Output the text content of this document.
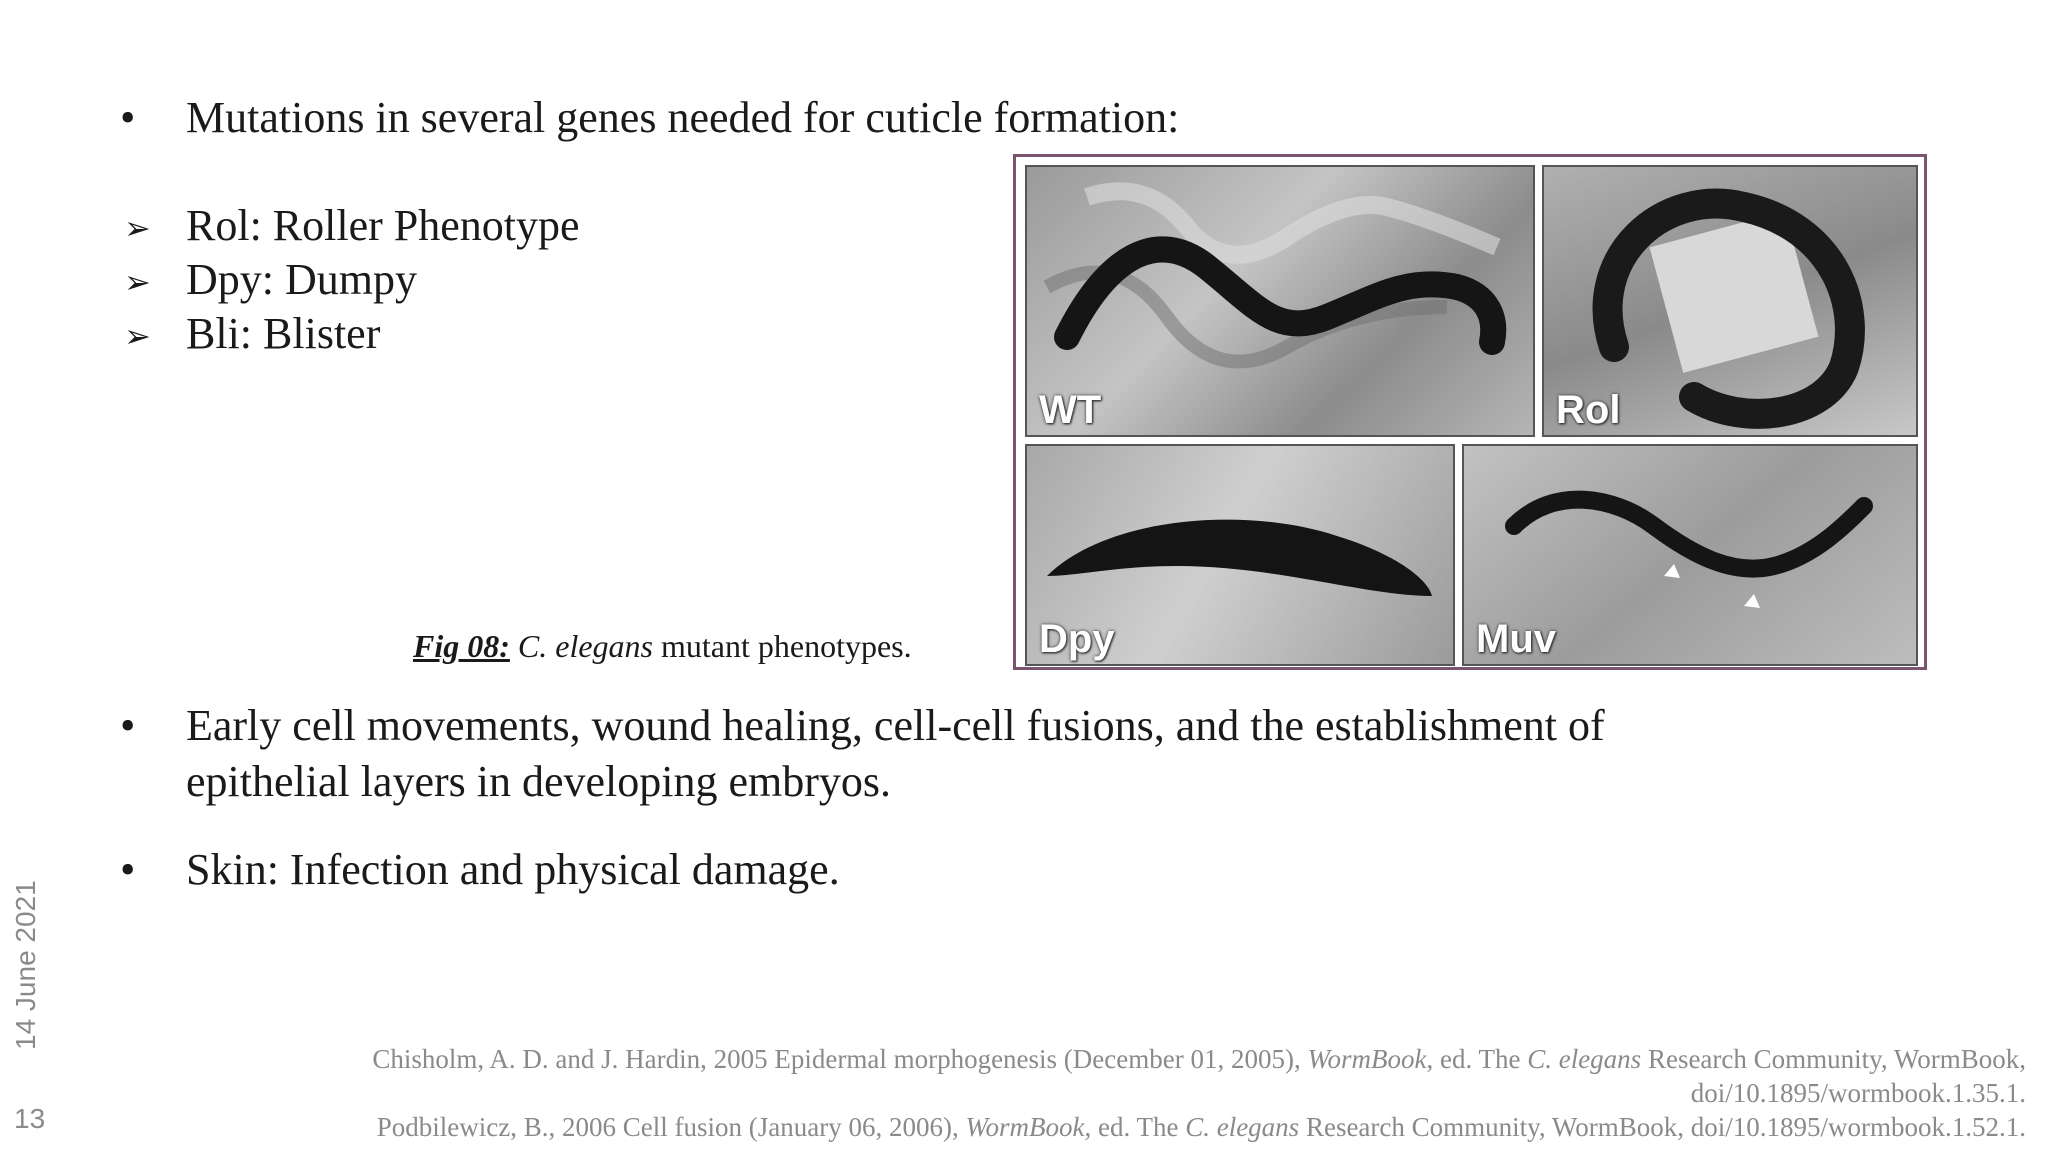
• Mutations in several genes needed for cuticle formation:
➢ Rol: Roller Phenotype
➢ Dpy: Dumpy
➢ Bli: Blister
WT	Rol
Dpy	Muv
Fig 08: C. elegans mutant phenotypes.
• Early cell movements, wound healing, cell-cell fusions, and the establishment of
epithelial layers in developing embryos.
• Skin: Infection and physical damage.
Chisholm, A. D. and J. Hardin, 2005 Epidermal morphogenesis (December 01, 2005), WormBook, ed. The C. elegans Research Community, WormBook,
doi/10.1895/wormbook.1.35.1.
Podbilewicz, B., 2006 Cell fusion (January 06, 2006), WormBook, ed. The C. elegans Research Community, WormBook, doi/10.1895/wormbook.1.52.1.
14 June 2021
13
